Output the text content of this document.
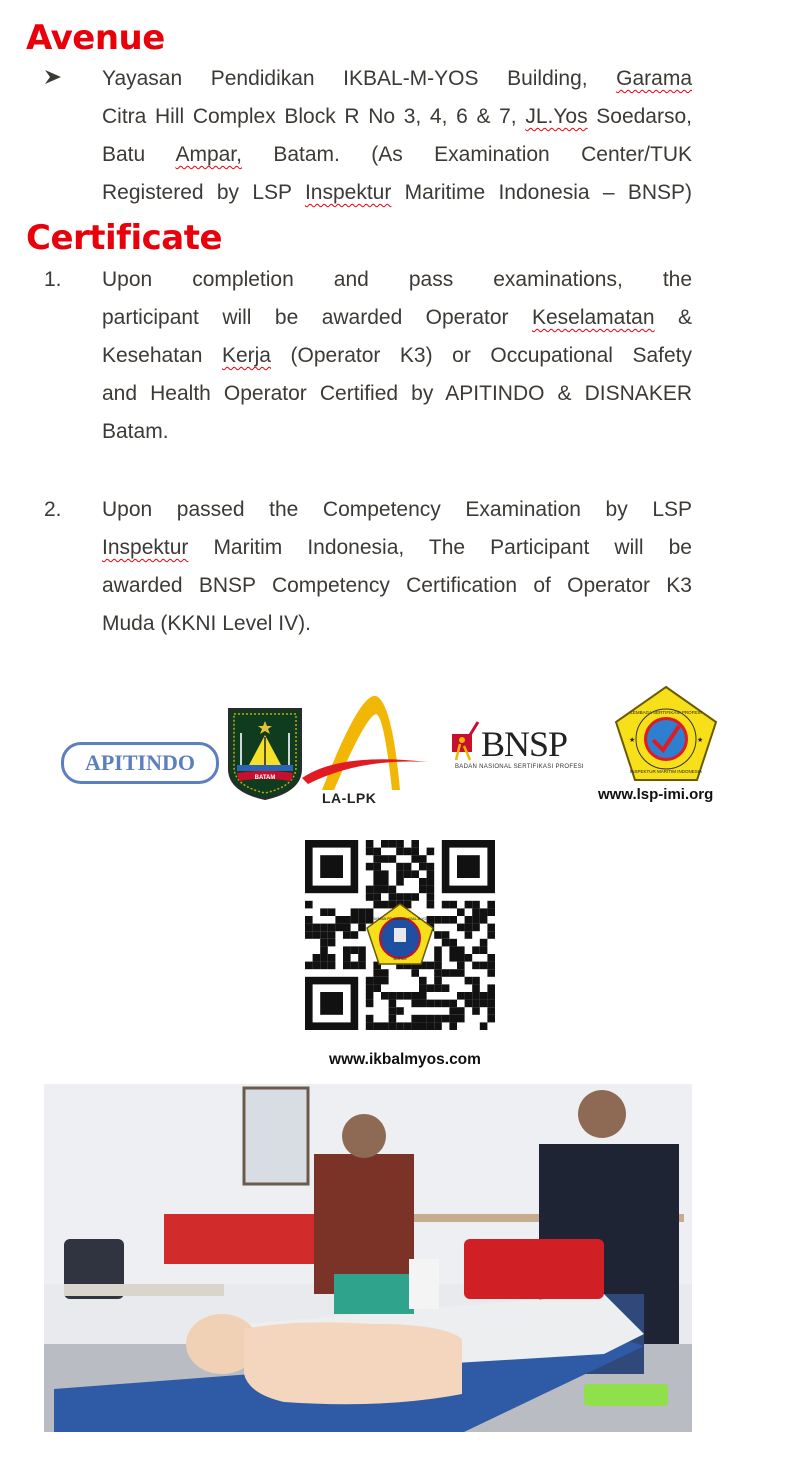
Avenue
Yayasan Pendidikan IKBAL-M-YOS Building, Garama
Citra Hill Complex Block R No 3, 4, 6 & 7, JL.Yos Soedarso,
Batu Ampar, Batam. (As Examination Center/TUK
Registered by LSP Inspektur Maritime Indonesia – BNSP)
Certificate
1. Upon completion and pass examinations, the
participant will be awarded Operator Keselamatan &
Kesehatan Kerja (Operator K3) or Occupational Safety
and Health Operator Certified by APITINDO & DISNAKER
Batam.
2. Upon passed the Competency Examination by LSP
Inspektur Maritim Indonesia, The Participant will be
awarded BNSP Competency Certification of Operator K3
Muda (KKNI Level IV).
APITINDO
BATAM
LA-LPK
BNSP
BADAN NASIONAL SERTIFIKASI PROFESI
LEMBAGA SERTIFIKASI PROFESI
INSPEKTUR MARITIM INDONESIA
★	★
www.lsp-imi.org
YAYASAN PENDIDIKAN IKBAL-M-YOS
BATAM
www.ikbalmyos.com
